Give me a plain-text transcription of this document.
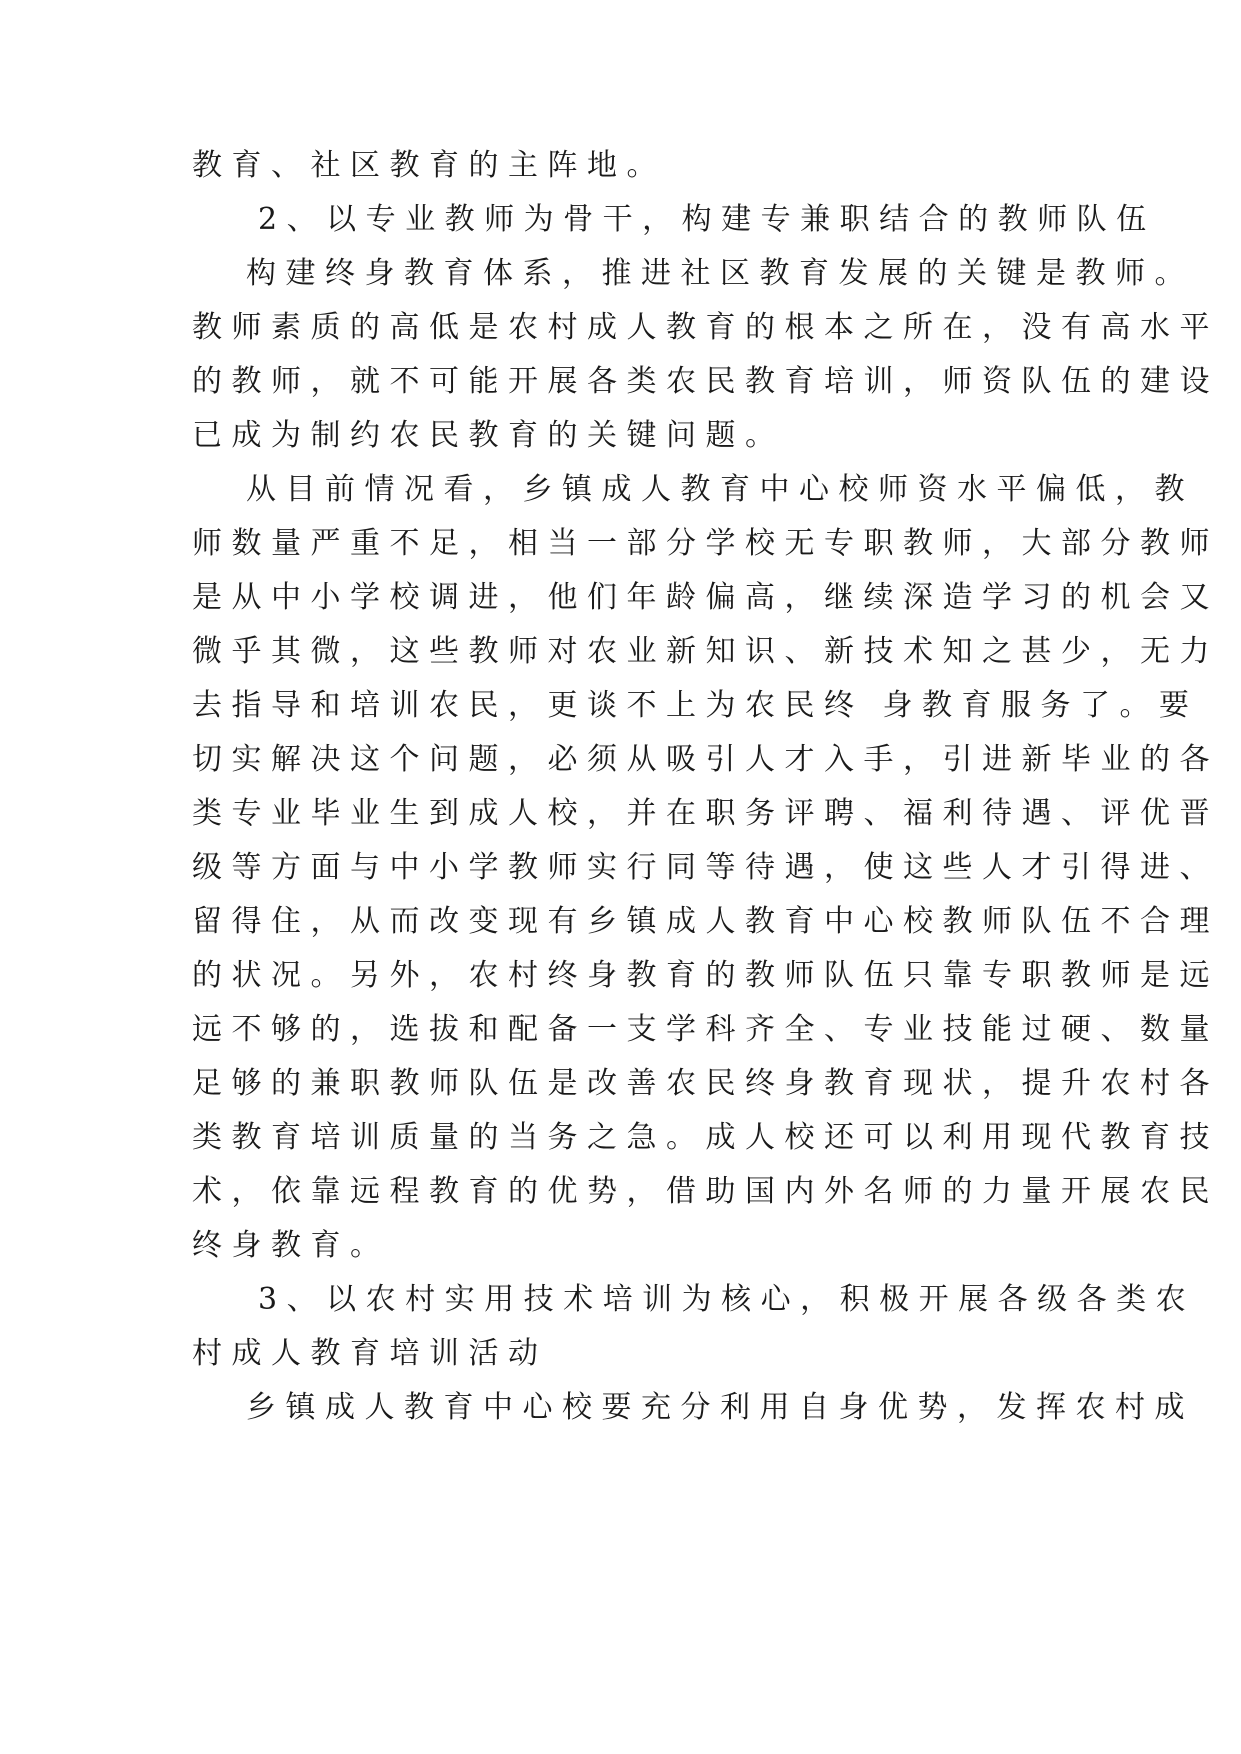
教育、社区教育的主阵地。
2、以专业教师为骨干，构建专兼职结合的教师队伍
构建终身教育体系，推进社区教育发展的关键是教师。
教师素质的高低是农村成人教育的根本之所在，没有高水平
的教师，就不可能开展各类农民教育培训，师资队伍的建设
已成为制约农民教育的关键问题。
从目前情况看，乡镇成人教育中心校师资水平偏低，教
师数量严重不足，相当一部分学校无专职教师，大部分教师
是从中小学校调进，他们年龄偏高，继续深造学习的机会又
微乎其微，这些教师对农业新知识、新技术知之甚少，无力
去指导和培训农民，更谈不上为农民终 身教育服务了。要
切实解决这个问题，必须从吸引人才入手，引进新毕业的各
类专业毕业生到成人校，并在职务评聘、福利待遇、评优晋
级等方面与中小学教师实行同等待遇，使这些人才引得进、
留得住，从而改变现有乡镇成人教育中心校教师队伍不合理
的状况。另外，农村终身教育的教师队伍只靠专职教师是远
远不够的，选拔和配备一支学科齐全、专业技能过硬、数量
足够的兼职教师队伍是改善农民终身教育现状，提升农村各
类教育培训质量的当务之急。成人校还可以利用现代教育技
术，依靠远程教育的优势，借助国内外名师的力量开展农民
终身教育。
3、以农村实用技术培训为核心，积极开展各级各类农
村成人教育培训活动
乡镇成人教育中心校要充分利用自身优势，发挥农村成
